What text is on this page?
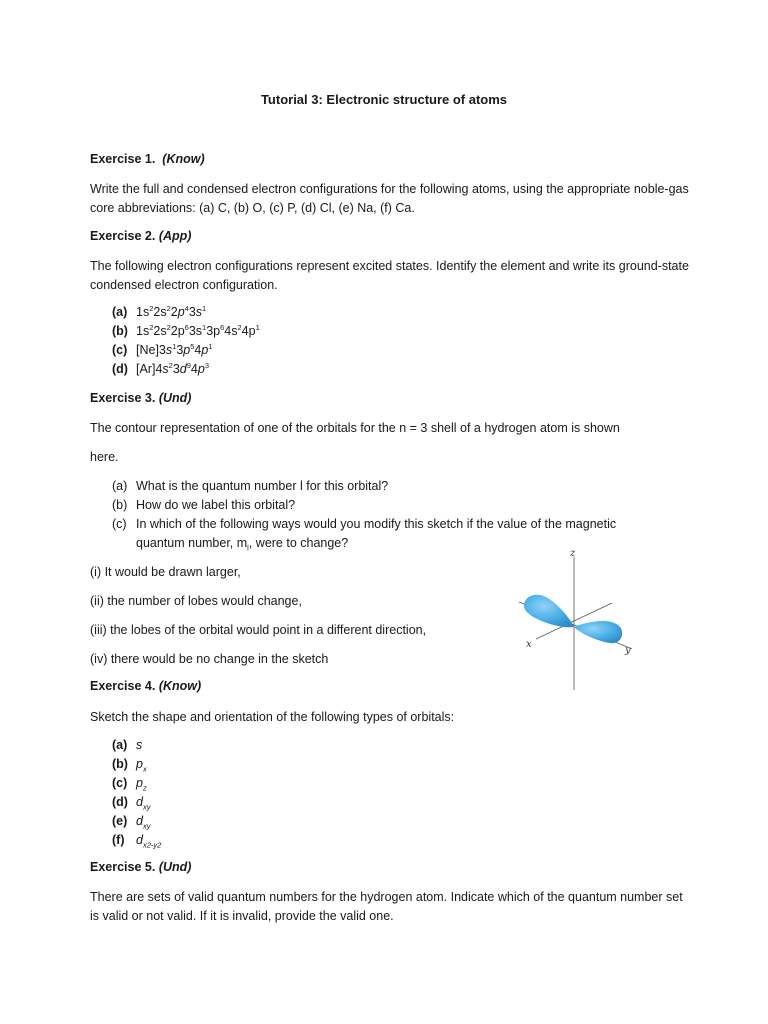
Tutorial 3: Electronic structure of atoms
Exercise 1. (Know)
Write the full and condensed electron configurations for the following atoms, using the appropriate noble-gas core abbreviations: (a) C, (b) O, (c) P, (d) Cl, (e) Na, (f) Ca.
Exercise 2. (App)
The following electron configurations represent excited states. Identify the element and write its ground-state condensed electron configuration.
(a) $1s^22s^22p^43s^1$
(b) $1s^22s^22p^63s^13p^64s^24p^1$
(c) $[Ne]3s^13p^54p^1$
(d) $[Ar]4s^23d^94p^3$
Exercise 3. (Und)
The contour representation of one of the orbitals for the n = 3 shell of a hydrogen atom is shown
here.
(a) What is the quantum number l for this orbital?
(b) How do we label this orbital?
(c) In which of the following ways would you modify this sketch if the value of the magnetic quantum number, $m_l$, were to change?
(i) It would be drawn larger,
(ii) the number of lobes would change,
(iii) the lobes of the orbital would point in a different direction,
(iv) there would be no change in the sketch
z
x
y
Exercise 4. (Know)
Sketch the shape and orientation of the following types of orbitals:
(a) s
(b) $p_x$
(c) $p_z$
(d) $d_{xy}$
(e) $d_{xy}$
(f) $d_{x2-y2}$
Exercise 5. (Und)
There are sets of valid quantum numbers for the hydrogen atom. Indicate which of the quantum number set is valid or not valid. If it is invalid, provide the valid one.
